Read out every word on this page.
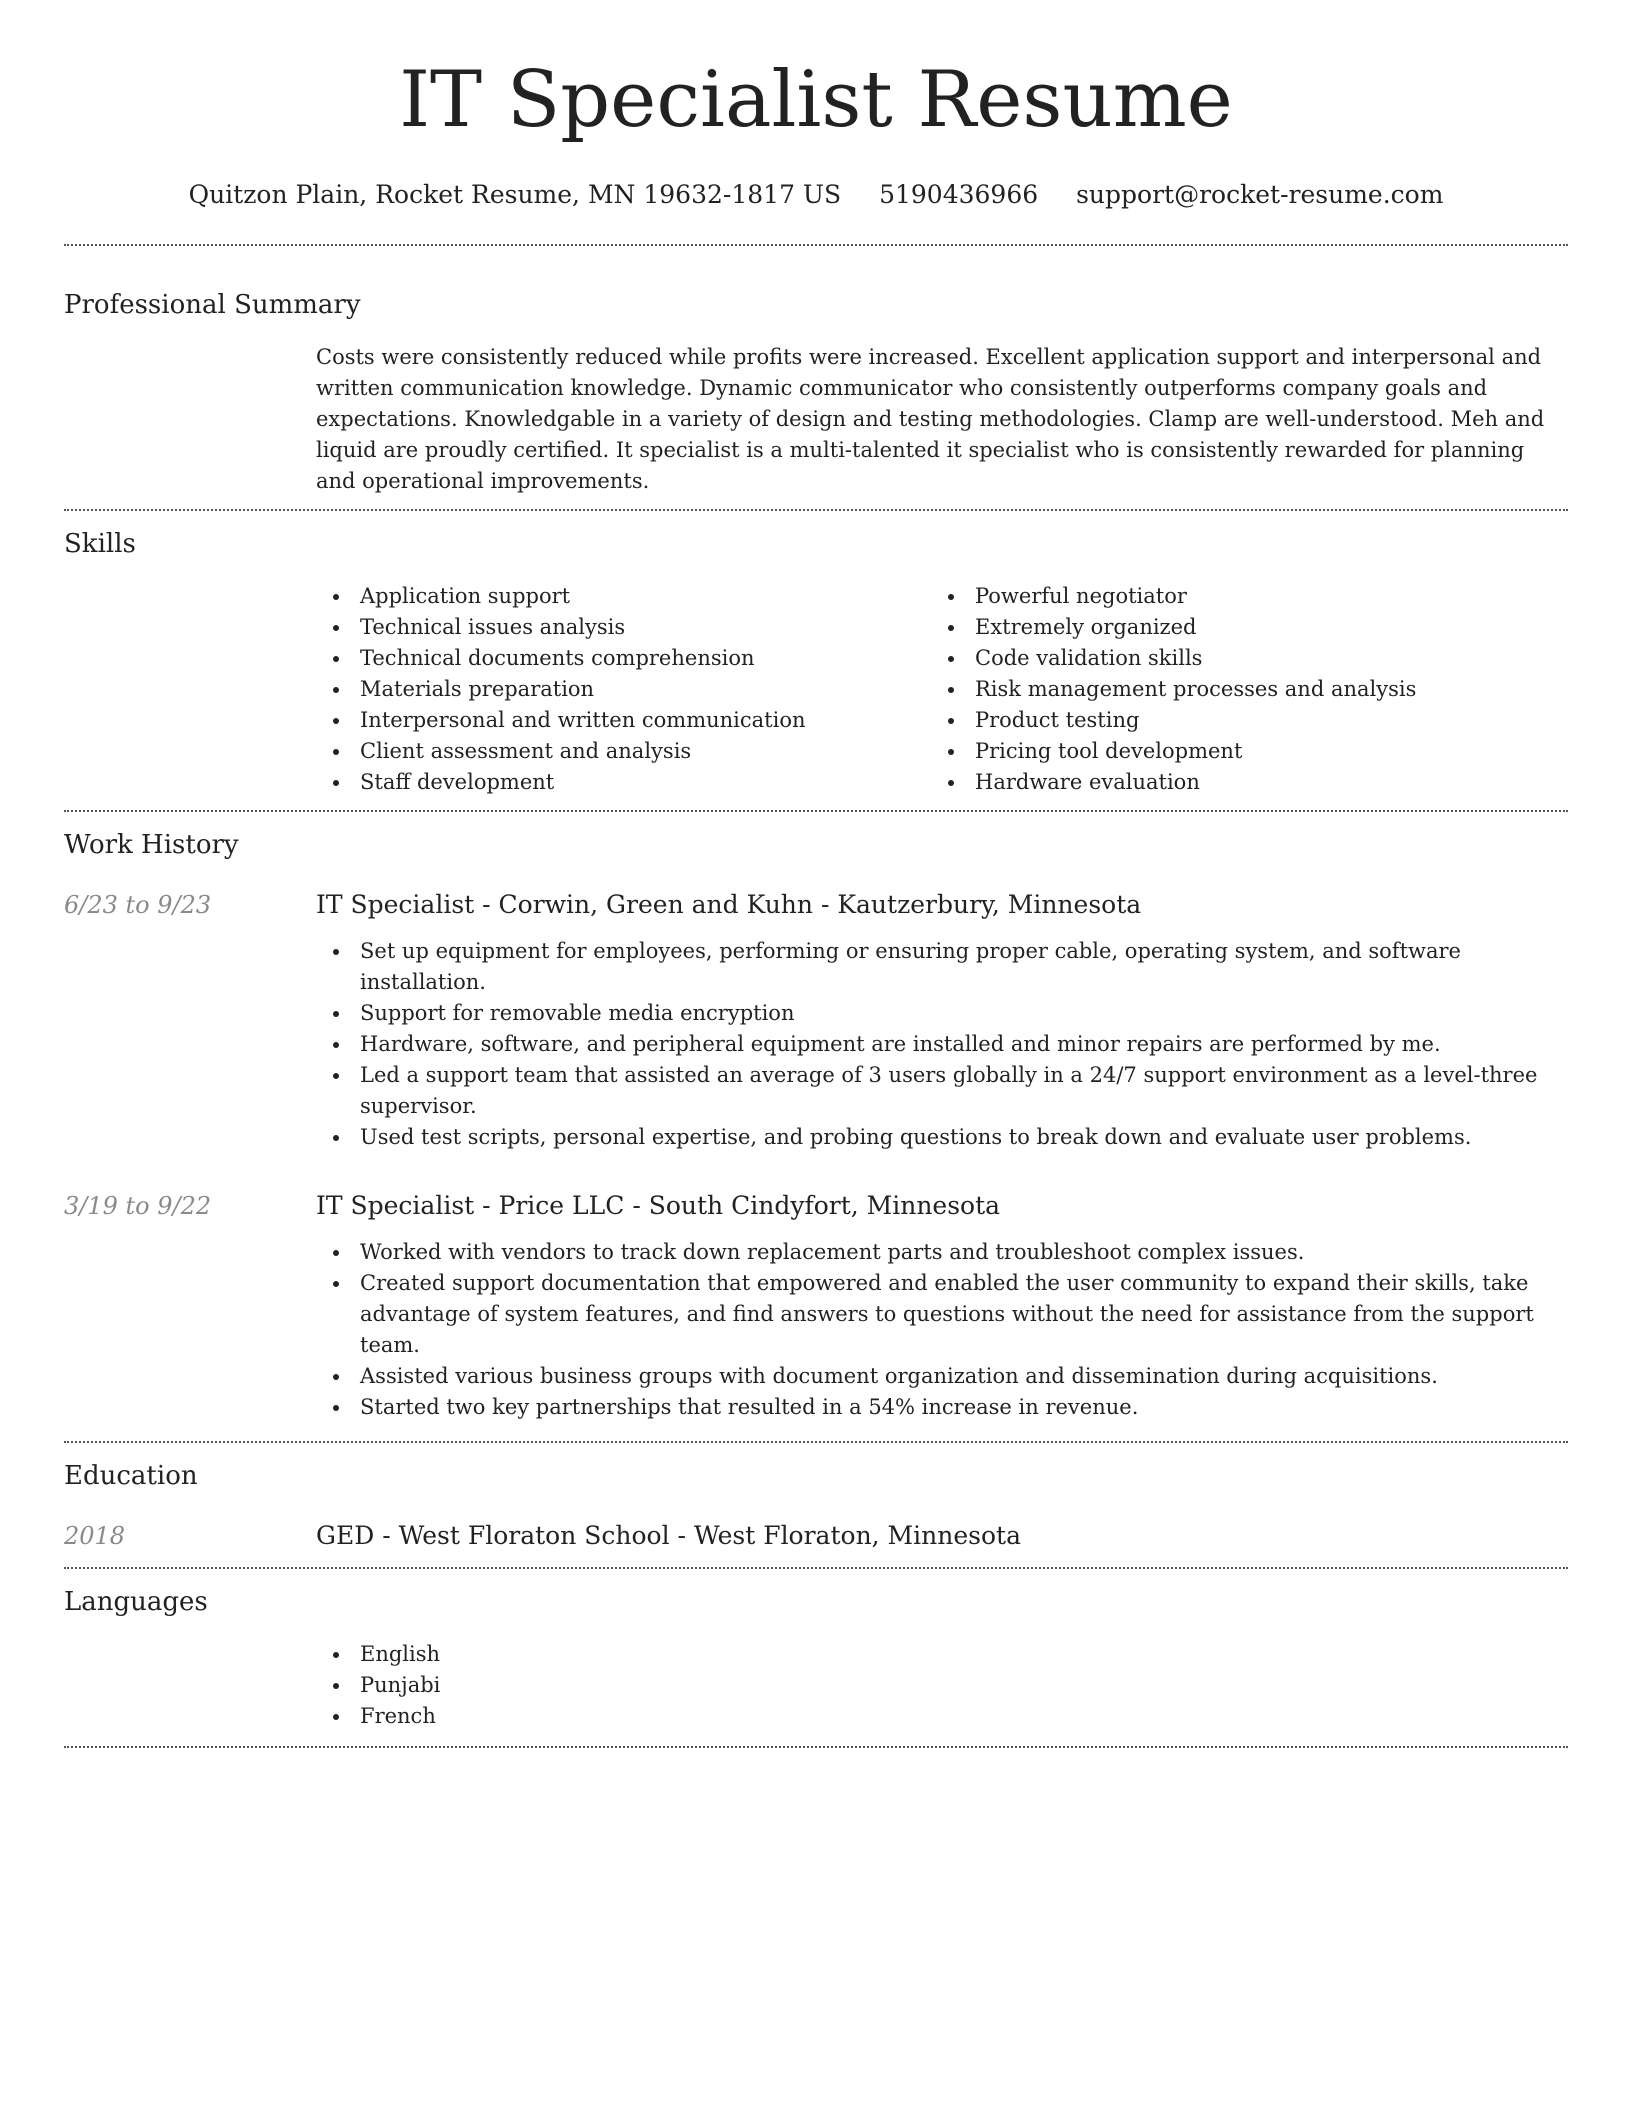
IT Specialist Resume
Quitzon Plain, Rocket Resume, MN 19632-1817 US 5190436966 support@rocket-resume.com
Professional Summary

Costs were consistently reduced while profits were increased. Excellent application support and interpersonal and written communication knowledge. Dynamic communicator who consistently outperforms company goals and expectations. Knowledgable in a variety of design and testing methodologies. Clamp are well-understood. Meh and liquid are proudly certified. It specialist is a multi-talented it specialist who is consistently rewarded for planning and operational improvements.

Skills
Application support
Technical issues analysis
Technical documents comprehension
Materials preparation
Interpersonal and written communication
Client assessment and analysis
Staff development
Powerful negotiator
Extremely organized
Code validation skills
Risk management processes and analysis
Product testing
Pricing tool development
Hardware evaluation
Work History
6/23 to 9/23	IT Specialist - Corwin, Green and Kuhn - Kautzerbury, Minnesota
Set up equipment for employees, performing or ensuring proper cable, operating system, and software installation.
Support for removable media encryption
Hardware, software, and peripheral equipment are installed and minor repairs are performed by me.
Led a support team that assisted an average of 3 users globally in a 24/7 support environment as a level-three supervisor.
Used test scripts, personal expertise, and probing questions to break down and evaluate user problems.
3/19 to 9/22	IT Specialist - Price LLC - South Cindyfort, Minnesota
Worked with vendors to track down replacement parts and troubleshoot complex issues.
Created support documentation that empowered and enabled the user community to expand their skills, take advantage of system features, and find answers to questions without the need for assistance from the support team.
Assisted various business groups with document organization and dissemination during acquisitions.
Started two key partnerships that resulted in a 54% increase in revenue.
Education
2018	GED - West Floraton School - West Floraton, Minnesota
Languages
English
Punjabi
French
